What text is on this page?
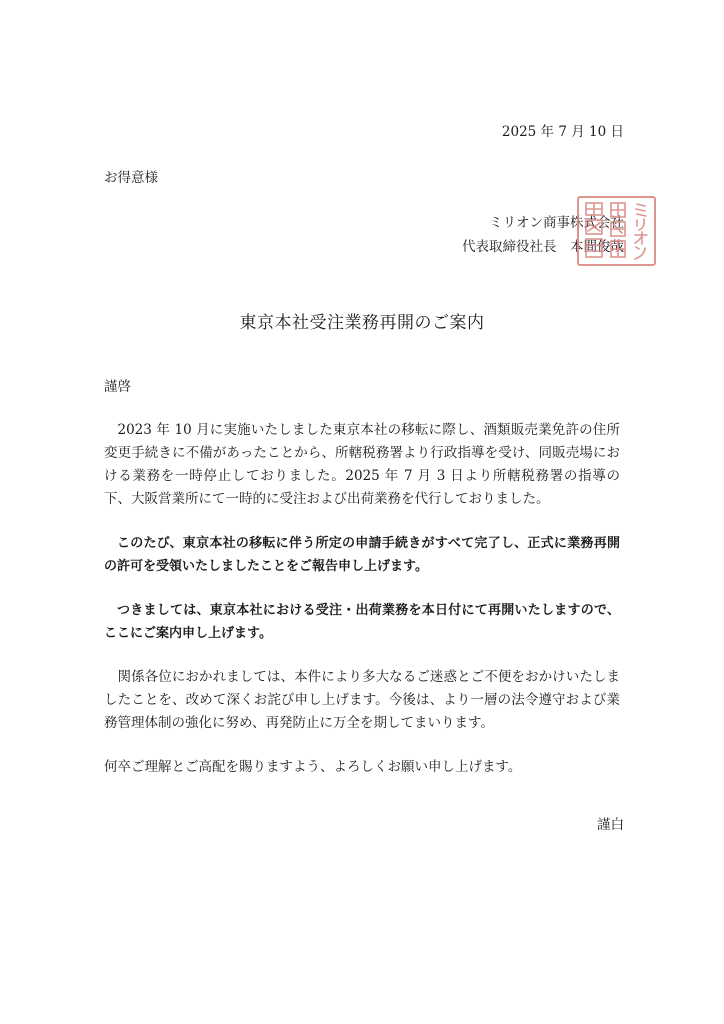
2025 年 7 月 10 日
お得意様
ミリオン商事株式会社
代表取締役社長　本間俊哉
東京本社受注業務再開のご案内
謹啓

2023 年 10 月に実施いたしました東京本社の移転に際し、酒類販売業免許の住所変更手続きに不備があったことから、所轄税務署より行政指導を受け、同販売場における業務を一時停止しておりました。2025 年 7 月 3 日より所轄税務署の指導の下、大阪営業所にて一時的に受注および出荷業務を代行しておりました。

このたび、東京本社の移転に伴う所定の申請手続きがすべて完了し、正式に業務再開の許可を受領いたしましたことをご報告申し上げます。

つきましては、東京本社における受注・出荷業務を本日付にて再開いたしますので、ここにご案内申し上げます。

関係各位におかれましては、本件により多大なるご迷惑とご不便をおかけいたしましたことを、改めて深くお詫び申し上げます。今後は、より一層の法令遵守および業務管理体制の強化に努め、再発防止に万全を期してまいります。

何卒ご理解とご高配を賜りますよう、よろしくお願い申し上げます。

謹白
